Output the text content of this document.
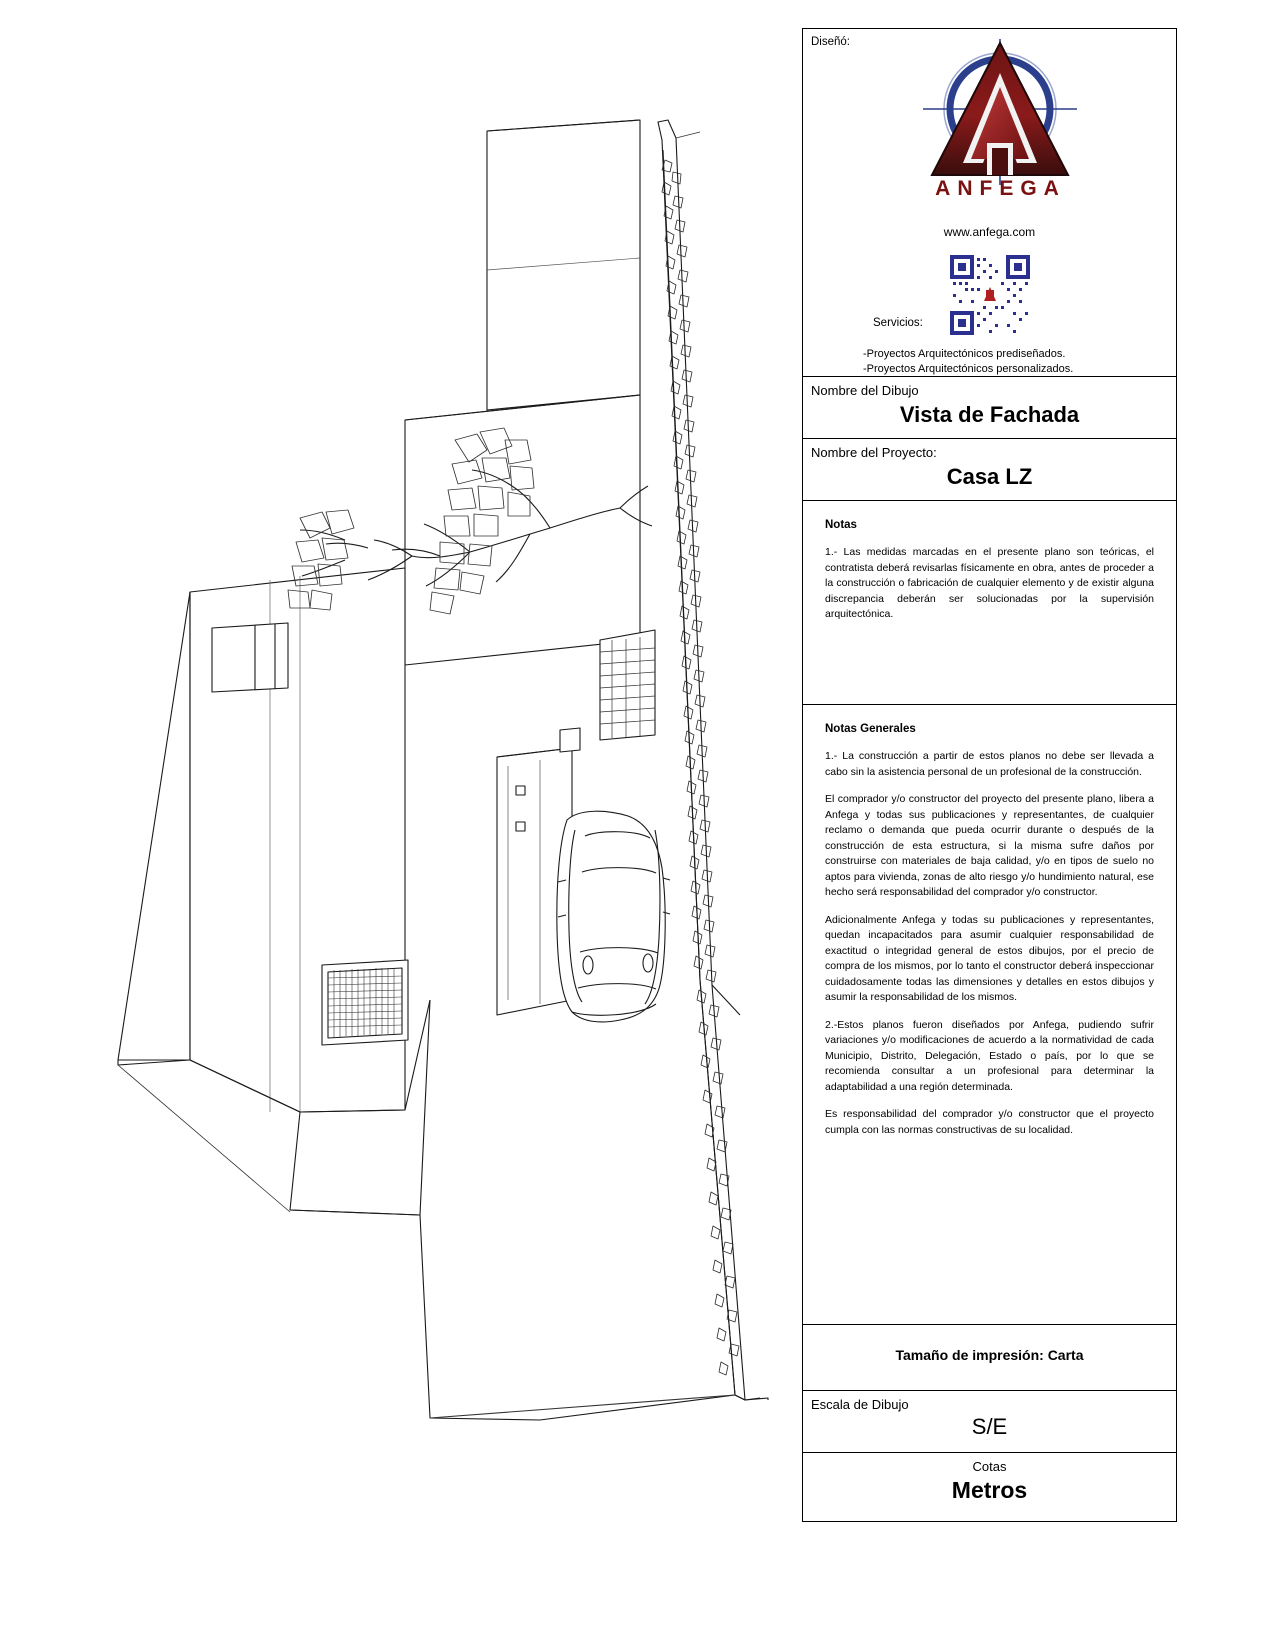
Diseñó:
ANFEGA
www.anfega.com
Servicios:
-Proyectos Arquitectónicos prediseñados.
-Proyectos Arquitectónicos personalizados.
Nombre del Dibujo
Vista de Fachada
Nombre del Proyecto:
Casa LZ
Notas

1.- Las medidas marcadas en el presente plano son teóricas, el contratista deberá revisarlas físicamente en obra, antes de proceder a la construcción o fabricación de cualquier elemento y de existir alguna discrepancia deberán ser solucionadas por la supervisión arquitectónica.

Notas Generales

1.- La construcción a partir de estos planos no debe ser llevada a cabo sin la asistencia personal de un profesional de la construcción.

El comprador y/o constructor del proyecto del presente plano, libera a Anfega y todas sus publicaciones y representantes, de cualquier reclamo o demanda que pueda ocurrir durante o después de la construcción de esta estructura, si la misma sufre daños por construirse con materiales de baja calidad, y/o en tipos de suelo no aptos para vivienda, zonas de alto riesgo y/o hundimiento natural, ese hecho será responsabilidad del comprador y/o constructor.

Adicionalmente Anfega y todas su publicaciones y representantes, quedan incapacitados para asumir cualquier responsabilidad de exactitud o integridad general de estos dibujos, por el precio de compra de los mismos, por lo tanto el constructor deberá inspeccionar cuidadosamente todas las dimensiones y detalles en estos dibujos y asumir la responsabilidad de los mismos.

2.-Estos planos fueron diseñados por Anfega, pudiendo sufrir variaciones y/o modificaciones de acuerdo a la normatividad de cada Municipio, Distrito, Delegación, Estado o país, por lo que se recomienda consultar a un profesional para determinar la adaptabilidad a una región determinada.

Es responsabilidad del comprador y/o constructor que el proyecto cumpla con las normas constructivas de su localidad.

Tamaño de impresión: Carta
Escala de Dibujo
S/E
Cotas
Metros
